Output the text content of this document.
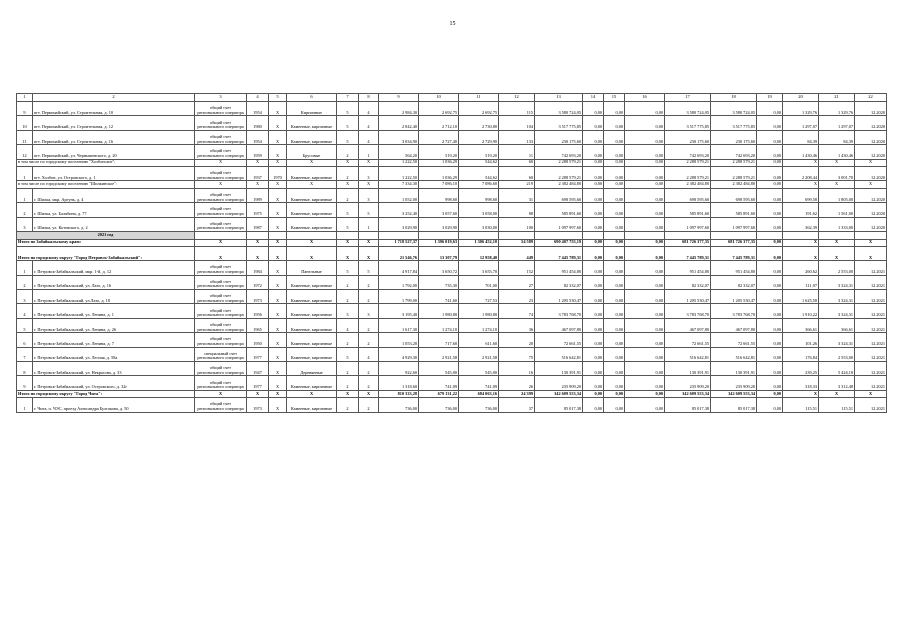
15
1	2	3	4	5	6	7	8	9	10	11	12	13	14	15	16	17	18	19	20	21	22
9	пгт. Первомайский, ул. Строительная, д. 10	общий счет регионального оператора	1954	X	Кирпичные	5	4	2 984,30	2 692,75	2 692,75	115	3 580 724,05	0,00	0,00	0,00	3 580 724,05	3 580 724,05	0,00	1 329,76	1 329,76	12.2020
10	пгт. Первомайский, ул. Строительная, д. 12	общий счет регионального оператора	1980	X	Каменные, кирпичные	5	4	2 842,40	2 712,10	2 730,80	104	3 517 775,85	0,00	0,00	0,00	3 517 775,85	3 517 775,85	0,00	1 297,07	1 297,07	12.2020
11	пгт. Первомайский, ул. Строительная, д. 16	общий счет регионального оператора	1954	X	Каменные, кирпичные	5	4	3 034,90	2 727,40	2 729,90	133	230 175,60	0,00	0,00	0,00	230 175,60	230 175,60	0,00	84,39	84,39	12.2020
12	пгт. Первомайский, ул. Чернышевского, д. 20	общий счет регионального оператора	1959	X	Брусовые	2	1	564,20	519,20	519,20	11	742 693,20	0,00	0,00	0,00	742 693,20	742 693,20	0,00	1 430,46	1 430,46	12.2020
в том числе по городскому поселению "Холбонское":		X	X	X	X	X	X	1 222,50	1 036,29	544,62	60	2 288 579,21	0,00	0,00	0,00	2 288 579,21	2 288 579,21	0,00	X	X	X
1	пгт. Холбон, ул. Островского, д. 1	общий счет регионального оператора	1937	1970	Каменные, кирпичные	2	3	1 222,50	1 036,29	544,62	60	2 288 579,21	0,00	0,00	0,00	2 288 579,21	2 288 579,21	0,00	2 208,44	3 001,70	12.2020
в том числе по городскому поселению "Шилкинское":		X	X	X	X	X	X	7 334,30	7 086,10	7 086,60	219	2 382 484,80	0,00	0,00	0,00	2 382 484,80	2 382 484,80	0,00	X	X	X
1	г. Шилка, мкр. Аргунь, д. 4	общий счет регионального оператора	1989	X	Каменные, кирпичные	2	3	1 052,00	998,60	998,60	31	698 595,60	0,00	0,00	0,00	698 595,60	698 595,60	0,00	699,58	1 805,00	12.2020
2	г. Шилка, ул. Балябина, д. 77	общий счет регионального оператора	1975	X	Каменные, кирпичные	5	5	3 252,40	3 057,60	3 058,00	88	585 891,60	0,00	0,00	0,00	585 891,60	585 891,60	0,00	191,62	1 561,00	12.2020
3	г. Шилка, ул. Котовского, д. 2	общий счет регионального оператора	1987	X	Каменные, кирпичные	5	1	3 029,90	3 029,90	3 030,00	100	1 097 997,60	0,00	0,00	0,00	1 097 997,60	1 097 997,60	0,00	362,39	1 333,00	12.2020
2021 год																					
Итого по Забайкальскому краю:		X	X	X	X	X	X	1 718 527,37	1 396 019,63	1 306 452,10	54 589	690 407 755,19	0,00	0,00	0,00	681 726 377,35	681 726 377,35	0,00	X	X	X
Итого по городскому округу "Город Петровск-Забайкальский":		X	X	X	X	X	X	21 546,76	13 307,79	12 958,40	449	7 445 789,31	0,00	0,00	0,00	7 445 789,31	7 445 789,31	0,00	X	X	X
1	г. Петровск-Забайкальский, мкр. 1-й, д. 12	общий счет регионального оператора	1984	X	Панельные	5	5	4 917,84	3 650,72	3 655,70	152	951 454,80	0,00	0,00	0,00	951 454,80	951 454,80	0,00	260,62	2 553,00	12.2021
2	г. Петровск-Забайкальский, ул. Лазо, д. 16	общий счет регионального оператора	1972	X	Каменные, кирпичные	2	2	1 792,00	735,30	701,00	27	82 332,07	0,00	0,00	0,00	82 332,07	82 332,07	0,00	111,97	3 324,31	12.2021
3	г. Петровск-Забайкальский, ул.Лазо, д. 18	общий счет регионального оператора	1973	X	Каменные, кирпичные	2	2	1 799,00	741,60	727,53	23	1 205 530,47	0,00	0,00	0,00	1 205 530,47	1 205 530,47	0,00	1 625,58	3 324,31	12.2021
4	г. Петровск-Забайкальский, ул. Ленина, д. 1	общий счет регионального оператора	1956	X	Каменные, кирпичные	3	3	3 195,40	1 980,80	1 980,80	74	3 783 768,70	0,00	0,00	0,00	3 783 768,70	3 783 768,70	0,00	1 910,22	3 324,31	12.2021
5	г. Петровск-Забайкальский, ул. Ленина, д. 26	общий счет регионального оператора	1965	X	Каменные, кирпичные	4	2	1 617,30	1 274,10	1 274,10	36	467 097,80	0,00	0,00	0,00	467 097,80	467 097,80	0,00	366,61	366,61	12.2021
6	г. Петровск-Забайкальский, ул. Ленина, д. 7	общий счет регионального оператора	1950	X	Каменные, кирпичные	2	2	1 053,20	717,60	611,60	20	72 661,55	0,00	0,00	0,00	72 661,55	72 661,55	0,00	101,26	3 324,31	12.2021
7	г. Петровск-Забайкальский, ул. Лесная, д. 58а	специальный счет регионального оператора	1977	X	Каменные, кирпичные	5	4	4 929,30	2 921,58	2 921,58	75	516 642,81	0,00	0,00	0,00	516 642,81	516 642,81	0,00	176,84	2 553,00	12.2021
8	г. Петровск-Забайкальский, ул. Некрасова, д. 33	общий счет регионального оператора	1947	X	Деревянные	2	2	922,60	545,00	545,00	16	130 391,91	0,00	0,00	0,00	130 391,91	130 391,91	0,00	239,25	5 424,18	12.2021
9	г. Петровск-Забайкальский, ул. Островского, д. 32г	общий счет регионального оператора	1977	X	Каменные, кирпичные	2	2	1 318,60	741,09	741,09	26	235 909,20	0,00	0,00	0,00	235 909,20	235 909,20	0,00	318,33	3 312,48	12.2021
Итого по городскому округу "Город Чита":		X	X	X	X	X	X	810 333,28	679 131,22	684 063,16	24 399	342 609 553,34	0,00	0,00	0,00	342 609 553,34	342 609 553,34	0,00	X	X	X
1	г. Чита, п. ЧЭС, проезд Александра Булгакова, д. 50	общий счет регионального оператора	1973	X	Каменные, кирпичные	2	2	736,00	736,00	736,00	37	85 017,38	0,00	0,00	0,00	85 017,38	85 017,38	0,00	115,51	115,51	12.2021
